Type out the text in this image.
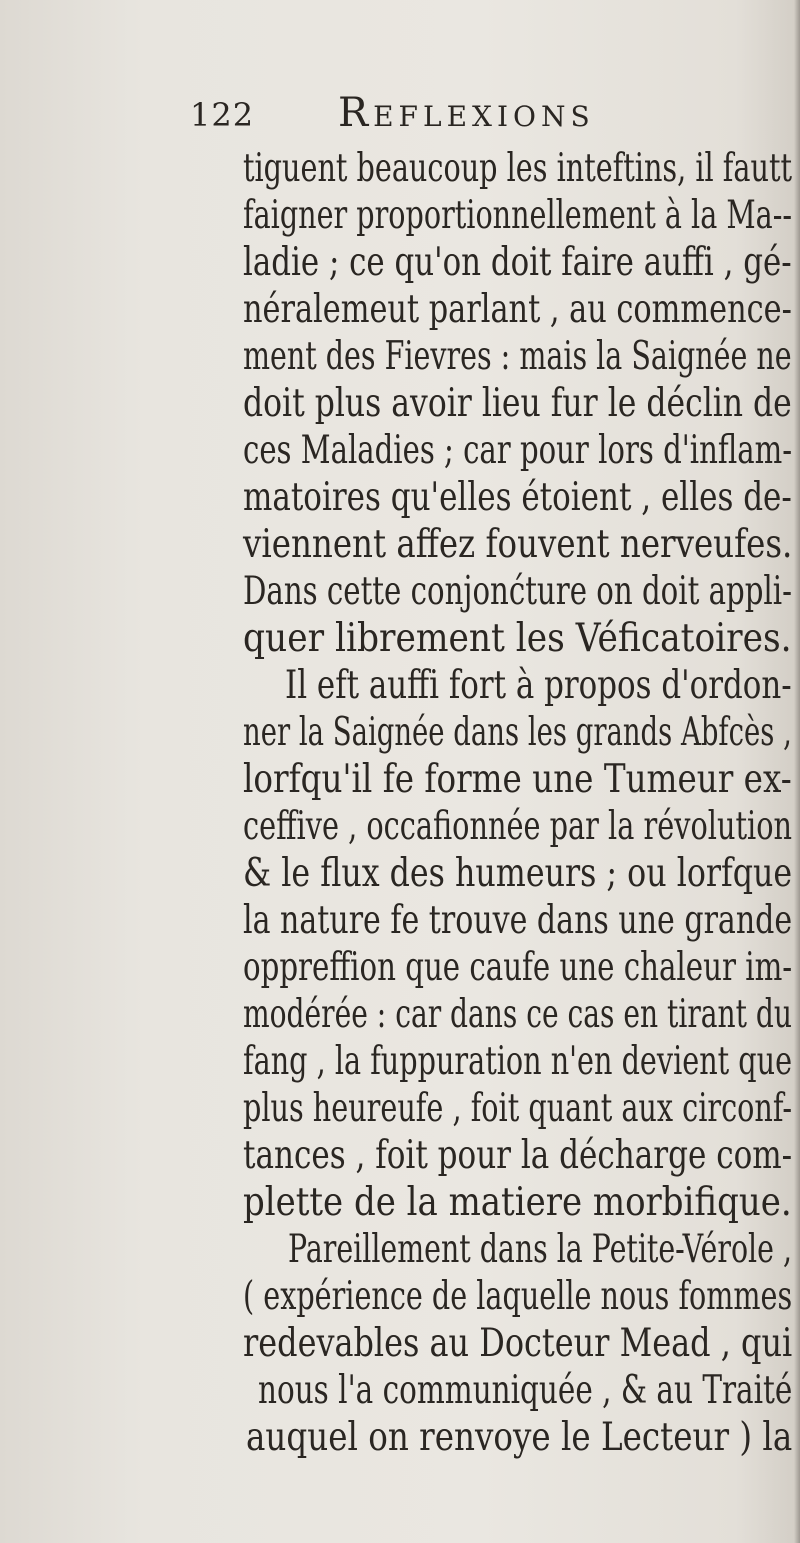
122 Reflexions
tiguent beaucoup les inteftins, il fautt
faigner proportionnellement à la Ma--
ladie ; ce qu'on doit faire auffi , gé-
néralemeut parlant , au commence-
ment des Fievres : mais la Saignée ne
doit plus avoir lieu fur le déclin de
ces Maladies ; car pour lors d'inflam-
matoires qu'elles étoient , elles de-
viennent affez fouvent nerveufes.
Dans cette conjonćture on doit appli-
quer librement les Véficatoires.
Il eft auffi fort à propos d'ordon-
ner la Saignée dans les grands Abfcès ,
lorfqu'il fe forme une Tumeur ex-
ceffive , occafionnée par la révolution
& le flux des humeurs ; ou lorfque
la nature fe trouve dans une grande
oppreffion que caufe une chaleur im-
modérée : car dans ce cas en tirant du
fang , la fuppuration n'en devient que
plus heureufe , foit quant aux circonf-
tances , foit pour la décharge com-
plette de la matiere morbifique.
Pareillement dans la Petite-Vérole ,
( expérience de laquelle nous fommes
redevables au Docteur Mead , qui
nous l'a communiquée , & au Traité
auquel on renvoye le Lecteur ) la
